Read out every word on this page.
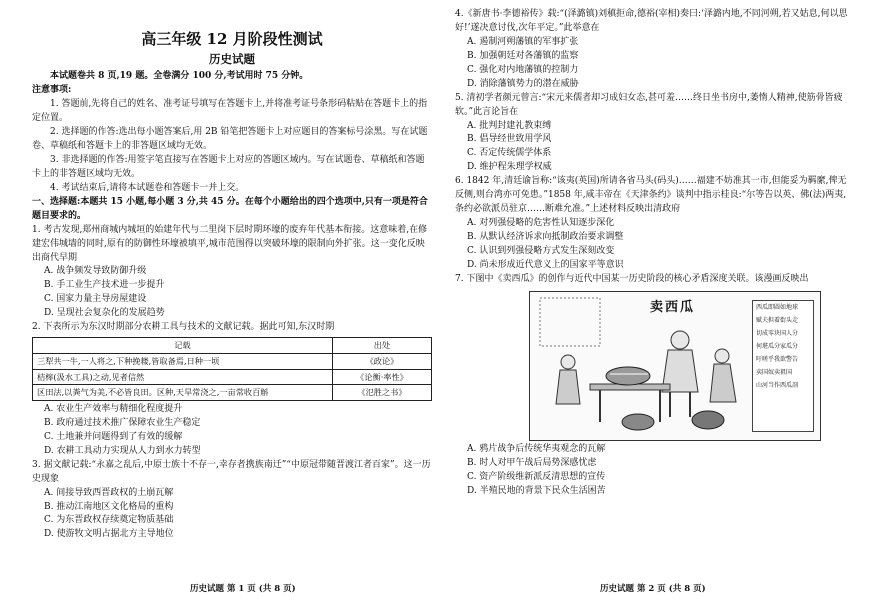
高三年级 12 月阶段性测试

历史试题

本试题卷共 8 页,19 题。全卷满分 100 分,考试用时 75 分钟。

注意事项:

1. 答题前,先将自己的姓名、准考证号填写在答题卡上,并将准考证号条形码粘贴在答题卡上的指定位置。

2. 选择题的作答:选出每小题答案后,用 2B 铅笔把答题卡上对应题目的答案标号涂黑。写在试题卷、草稿纸和答题卡上的非答题区域均无效。

3. 非选择题的作答:用签字笔直接写在答题卡上对应的答题区域内。写在试题卷、草稿纸和答题卡上的非答题区域均无效。

4. 考试结束后,请将本试题卷和答题卡一并上交。

一、选择题:本题共 15 小题,每小题 3 分,共 45 分。在每个小题给出的四个选项中,只有一项是符合题目要求的。

1. 考古发现,郑州商城内城垣的始建年代与二里岗下层时期环壕的废弃年代基本衔接。这意味着,在修建宏伟城墙的同时,原有的防御性环壕被填平,城市范围得以突破环壕的限制向外扩张。这一变化反映出商代早期

A. 战争频发导致防御升级
B. 手工业生产技术进一步提升
C. 国家力量主导房屋建设
D. 呈现社会复杂化的发展趋势

2. 下表所示为东汉时期部分农耕工具与技术的文献记载。据此可知,东汉时期

记载	出处
三犁共一牛,一人将之,下种挽耧,皆取备焉,日种一顷	《政论》
桔槔(汲水工具)之动,见者信然	《论衡·率性》
区田法,以粪气为美,不必皆良田。区种,天旱常浇之,一亩常收百斛	《氾胜之书》
A. 农业生产效率与精细化程度提升
B. 政府通过技术推广保障农业生产稳定
C. 土地兼并问题得到了有效的缓解
D. 农耕工具动力实现从人力到水力转型

3. 据文献记载:“永嘉之乱后,中原士族十不存一,幸存者携族南迁”“中原冠带随晋渡江者百家”。这一历史现象

A. 间接导致西晋政权的土崩瓦解
B. 推动江南地区文化格局的重构
C. 为东晋政权存续奠定物质基础
D. 使游牧文明占据北方主导地位

4.《新唐书·李德裕传》载:“(泽潞镇)刘稹拒命,德裕(宰相)奏曰:‘泽潞内地,不同河朔,若又姑息,何以思好!’遂决意讨伐,次年平定。”此举意在

A. 遏制河朔藩镇的军事扩张
B. 加强朝廷对各藩镇的监察
C. 强化对内地藩镇的控制力
D. 消除藩镇势力的潜在威胁

5. 清初学者颜元曾言:“宋元来儒者却习成妇女态,甚可羞……终日坐书房中,萎惰人精神,使筋骨皆疲软。”此言论旨在

A. 批判封建礼教束缚
B. 倡导经世致用学风
C. 否定传统儒学体系
D. 维护程朱理学权威

6. 1842 年,清廷谕旨称:“该夷(英国)所请各省马头(码头)……福建不妨准其一市,但能妥为羁縻,俾无反侧,则台湾亦可免患。”1858 年,咸丰帝在《天津条约》谈判中指示桂良:“尔等告以英、佛(法)两夷,条约必欲派员驻京……断难允准。”上述材料反映出清政府

A. 对列强侵略的危害性认知逐步深化
B. 从默认经济诉求向抵制政治要求调整
C. 认识到列强侵略方式发生深刻改变
D. 尚未形成近代意义上的国家平等意识

7. 下图中《卖西瓜》的创作与近代中国某一历史阶段的核心矛盾深度关联。该漫画反映出

卖西瓜	西瓜即圆如地球
赋夫担着街头走
切成零块国人分
何堪瓜分家瓜分
吁嗟乎我欲警告
卖国奴卖祖国
山河当作西瓜剖
A. 鸦片战争后传统华夷观念的瓦解
B. 时人对甲午战后局势深感忧虑
C. 资产阶级维新派反清思想的宣传
D. 半殖民地的背景下民众生活困苦
历史试题 第 1 页 (共 8 页)	历史试题 第 2 页 (共 8 页)
